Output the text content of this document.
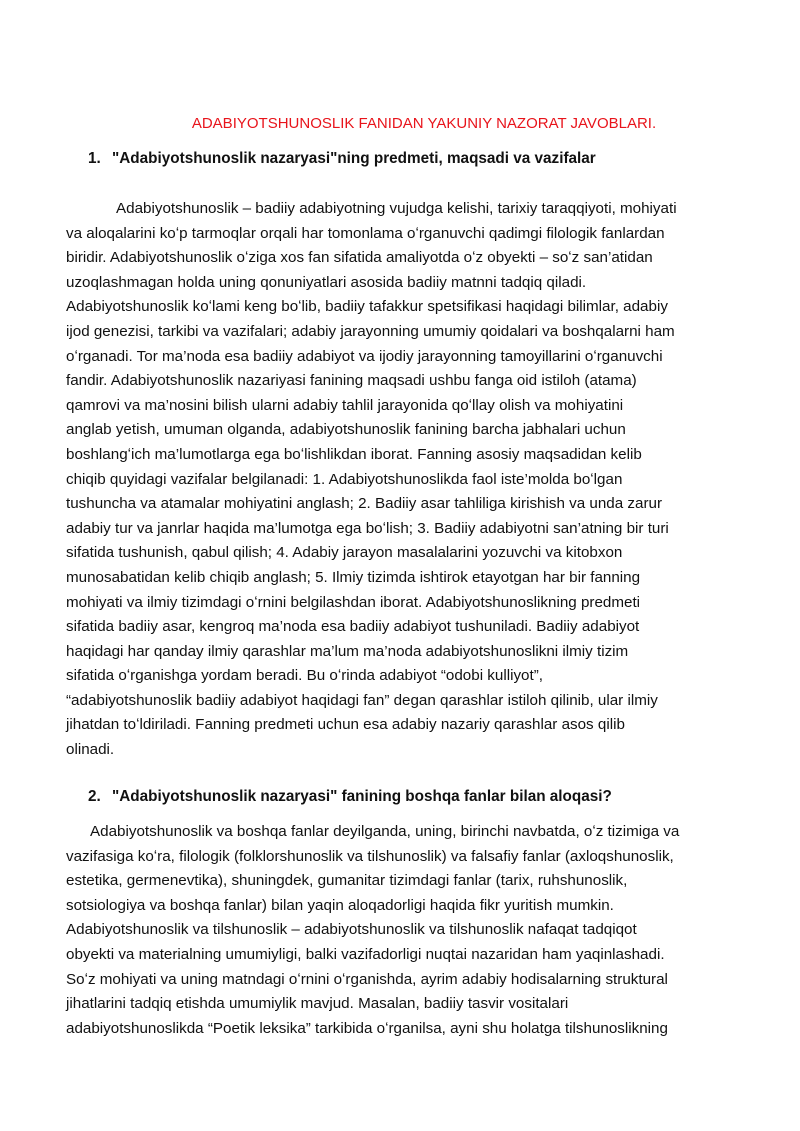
ADABIYOTSHUNOSLIK FANIDAN YAKUNIY NAZORAT JAVOBLARI.
1. "Adabiyotshunoslik nazaryasi"ning predmeti, maqsadi va vazifalar
Adabiyotshunoslik – badiiy adabiyotning vujudga kelishi, tarixiy taraqqiyoti, mohiyati
va aloqalarini koʻp tarmoqlar orqali har tomonlama oʻrganuvchi qadimgi filologik fanlardan
biridir. Adabiyotshunoslik oʻziga xos fan sifatida amaliyotda oʻz obyekti – soʻz san’atidan
uzoqlashmagan holda uning qonuniyatlari asosida badiiy matnni tadqiq qiladi.
Adabiyotshunoslik koʻlami keng boʻlib, badiiy tafakkur spetsifikasi haqidagi bilimlar, adabiy
ijod genezisi, tarkibi va vazifalari; adabiy jarayonning umumiy qoidalari va boshqalarni ham
oʻrganadi. Tor ma’noda esa badiiy adabiyot va ijodiy jarayonning tamoyillarini oʻrganuvchi
fandir. Adabiyotshunoslik nazariyasi fanining maqsadi ushbu fanga oid istiloh (atama)
qamrovi va ma’nosini bilish ularni adabiy tahlil jarayonida qoʻllay olish va mohiyatini
anglab yetish, umuman olganda, adabiyotshunoslik fanining barcha jabhalari uchun
boshlangʻich ma’lumotlarga ega boʻlishlikdan iborat. Fanning asosiy maqsadidan kelib
chiqib quyidagi vazifalar belgilanadi: 1. Adabiyotshunoslikda faol iste’molda boʻlgan
tushuncha va atamalar mohiyatini anglash; 2. Badiiy asar tahliliga kirishish va unda zarur
adabiy tur va janrlar haqida ma’lumotga ega boʻlish; 3. Badiiy adabiyotni san’atning bir turi
sifatida tushunish, qabul qilish; 4. Adabiy jarayon masalalarini yozuvchi va kitobxon
munosabatidan kelib chiqib anglash; 5. Ilmiy tizimda ishtirok etayotgan har bir fanning
mohiyati va ilmiy tizimdagi oʻrnini belgilashdan iborat. Adabiyotshunoslikning predmeti
sifatida badiiy asar, kengroq ma’noda esa badiiy adabiyot tushuniladi. Badiiy adabiyot
haqidagi har qanday ilmiy qarashlar ma’lum ma’noda adabiyotshunoslikni ilmiy tizim
sifatida oʻrganishga yordam beradi. Bu oʻrinda adabiyot “odobi kulliyot”,
“adabiyotshunoslik badiiy adabiyot haqidagi fan” degan qarashlar istiloh qilinib, ular ilmiy
jihatdan toʻldiriladi. Fanning predmeti uchun esa adabiy nazariy qarashlar asos qilib
olinadi.
2. "Adabiyotshunoslik nazaryasi" fanining boshqa fanlar bilan aloqasi?
Adabiyotshunoslik va boshqa fanlar deyilganda, uning, birinchi navbatda, oʻz tizimiga va
vazifasiga koʻra, filologik (folklorshunoslik va tilshunoslik) va falsafiy fanlar (axloqshunoslik,
estetika, germenevtika), shuningdek, gumanitar tizimdagi fanlar (tarix, ruhshunoslik,
sotsiologiya va boshqa fanlar) bilan yaqin aloqadorligi haqida fikr yuritish mumkin.
Adabiyotshunoslik va tilshunoslik – adabiyotshunoslik va tilshunoslik nafaqat tadqiqot
obyekti va materialning umumiyligi, balki vazifadorligi nuqtai nazaridan ham yaqinlashadi.
Soʻz mohiyati va uning matndagi oʻrnini oʻrganishda, ayrim adabiy hodisalarning struktural
jihatlarini tadqiq etishda umumiylik mavjud. Masalan, badiiy tasvir vositalari
adabiyotshunoslikda “Poetik leksika” tarkibida oʻrganilsa, ayni shu holatga tilshunoslikning
